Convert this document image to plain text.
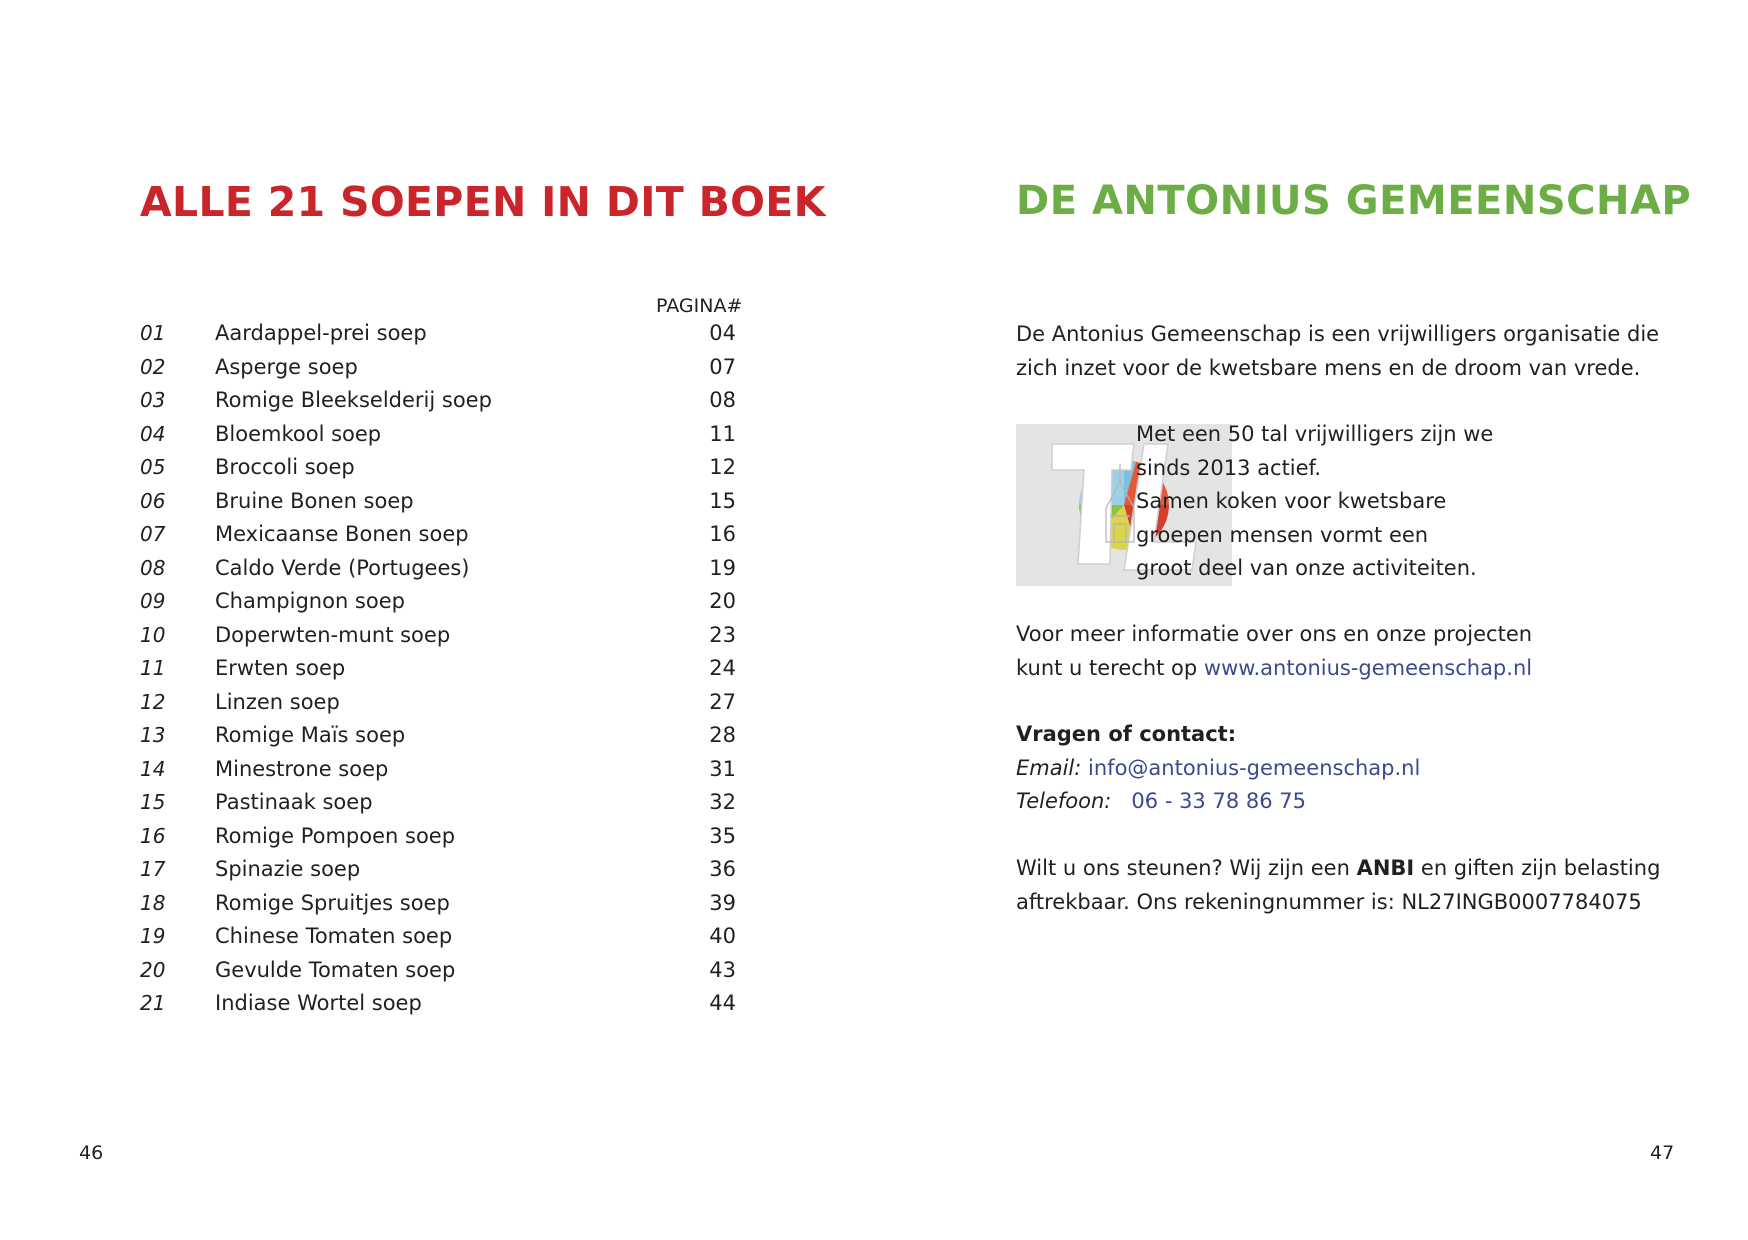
ALLE 21 SOEPEN IN DIT BOEK
PAGINA#
01 Aardappel-prei soep	04
02 Asperge soep	07
03 Romige Bleekselderij soep	08
04 Bloemkool soep	11
05 Broccoli soep	12
06 Bruine Bonen soep	15
07 Mexicaanse Bonen soep	16
08 Caldo Verde (Portugees)	19
09 Champignon soep	20
10 Doperwten-munt soep	23
11 Erwten soep	24
12 Linzen soep	27
13 Romige Maïs soep	28
14 Minestrone soep	31
15 Pastinaak soep	32
16 Romige Pompoen soep	35
17 Spinazie soep	36
18 Romige Spruitjes soep	39
19 Chinese Tomaten soep	40
20 Gevulde Tomaten soep	43
21 Indiase Wortel soep	44
46
DE ANTONIUS GEMEENSCHAP

De Antonius Gemeenschap is een vrijwilligers organisatie die
zich inzet voor de kwetsbare mens en de droom van vrede.

Met een 50 tal vrijwilligers zijn we
sinds 2013 actief.
Samen koken voor kwetsbare
groepen mensen vormt een
groot deel van onze activiteiten.

Voor meer informatie over ons en onze projecten
kunt u terecht op www.antonius-gemeenschap.nl

Vragen of contact:
Email: info@antonius-gemeenschap.nl
Telefoon: 06 - 33 78 86 75

Wilt u ons steunen? Wij zijn een ANBI en giften zijn belasting
aftrekbaar. Ons rekeningnummer is: NL27INGB0007784075

47
